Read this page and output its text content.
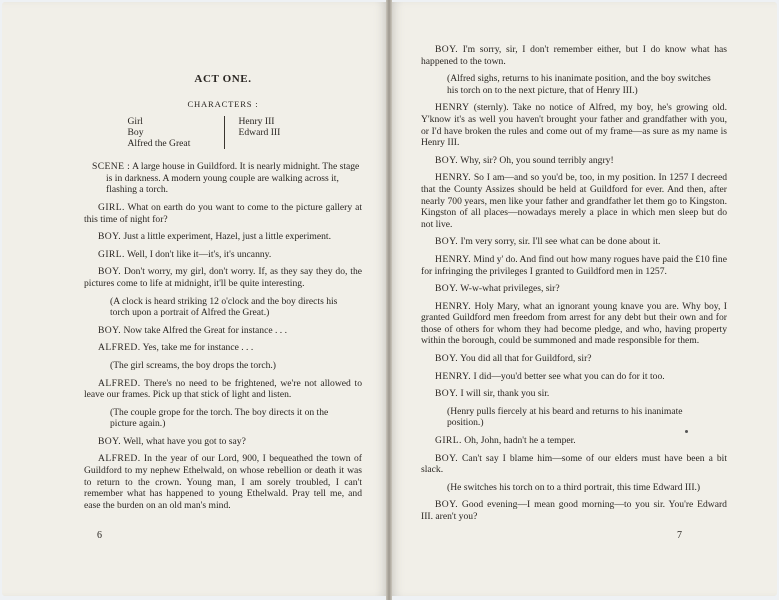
ACT ONE.
CHARACTERS :
Girl
Boy
Alfred the Great
Henry III
Edward III

SCENE : A large house in Guildford. It is nearly midnight. The stage is in darkness. A modern young couple are walking across it, flashing a torch.

GIRL. What on earth do you want to come to the picture gallery at this time of night for?

BOY. Just a little experiment, Hazel, just a little experiment.

GIRL. Well, I don't like it—it's, it's uncanny.

BOY. Don't worry, my girl, don't worry. If, as they say they do, the pictures come to life at midnight, it'll be quite interesting.

(A clock is heard striking 12 o'clock and the boy directs his torch upon a portrait of Alfred the Great.)

BOY. Now take Alfred the Great for instance . . .

ALFRED. Yes, take me for instance . . .

(The girl screams, the boy drops the torch.)

ALFRED. There's no need to be frightened, we're not allowed to leave our frames. Pick up that stick of light and listen.

(The couple grope for the torch. The boy directs it on the picture again.)

BOY. Well, what have you got to say?

ALFRED. In the year of our Lord, 900, I bequeathed the town of Guildford to my nephew Ethelwald, on whose rebellion or death it was to return to the crown. Young man, I am sorely troubled, I can't remember what has happened to young Ethelwald. Pray tell me, and ease the burden on an old man's mind.

6

BOY. I'm sorry, sir, I don't remember either, but I do know what has happened to the town.

(Alfred sighs, returns to his inanimate position, and the boy switches his torch on to the next picture, that of Henry III.)

HENRY (sternly). Take no notice of Alfred, my boy, he's growing old. Y'know it's as well you haven't brought your father and grandfather with you, or I'd have broken the rules and come out of my frame—as sure as my name is Henry III.

BOY. Why, sir? Oh, you sound terribly angry!

HENRY. So I am—and so you'd be, too, in my position. In 1257 I decreed that the County Assizes should be held at Guildford for ever. And then, after nearly 700 years, men like your father and grandfather let them go to Kingston. Kingston of all places—nowadays merely a place in which men sleep but do not live.

BOY. I'm very sorry, sir. I'll see what can be done about it.

HENRY. Mind y' do. And find out how many rogues have paid the £10 fine for infringing the privileges I granted to Guildford men in 1257.

BOY. W-w-what privileges, sir?

HENRY. Holy Mary, what an ignorant young knave you are. Why boy, I granted Guildford men freedom from arrest for any debt but their own and for those of others for whom they had become pledge, and who, having property within the borough, could be summoned and made responsible for them.

BOY. You did all that for Guildford, sir?

HENRY. I did—you'd better see what you can do for it too.

BOY. I will sir, thank you sir.

(Henry pulls fiercely at his beard and returns to his inanimate position.)

GIRL. Oh, John, hadn't he a temper.

BOY. Can't say I blame him—some of our elders must have been a bit slack.

(He switches his torch on to a third portrait, this time Edward III.)

BOY. Good evening—I mean good morning—to you sir. You're Edward III. aren't you?

7
